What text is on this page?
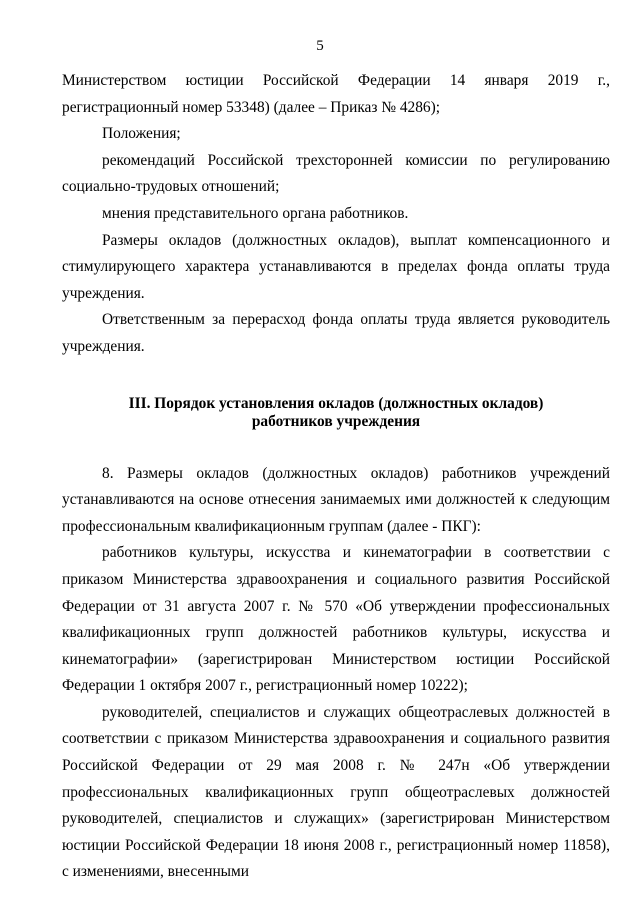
5

Министерством юстиции Российской Федерации 14 января 2019 г., регистрационный номер 53348) (далее – Приказ № 4286);

Положения;

рекомендаций Российской трехсторонней комиссии по регулированию социально-трудовых отношений;

мнения представительного органа работников.

Размеры окладов (должностных окладов), выплат компенсационного и стимулирующего характера устанавливаются в пределах фонда оплаты труда учреждения.

Ответственным за перерасход фонда оплаты труда является руководитель учреждения.

III. Порядок установления окладов (должностных окладов)
работников учреждения

8. Размеры окладов (должностных окладов) работников учреждений устанавливаются на основе отнесения занимаемых ими должностей к следующим профессиональным квалификационным группам (далее - ПКГ):

работников культуры, искусства и кинематографии в соответствии с приказом Министерства здравоохранения и социального развития Российской Федерации от 31 августа 2007 г. № 570 «Об утверждении профессиональных квалификационных групп должностей работников культуры, искусства и кинематографии» (зарегистрирован Министерством юстиции Российской Федерации 1 октября 2007 г., регистрационный номер 10222);

руководителей, специалистов и служащих общеотраслевых должностей в соответствии с приказом Министерства здравоохранения и социального развития Российской Федерации от 29 мая 2008 г. № 247н «Об утверждении профессиональных квалификационных групп общеотраслевых должностей руководителей, специалистов и служащих» (зарегистрирован Министерством юстиции Российской Федерации 18 июня 2008 г., регистрационный номер 11858), с изменениями, внесенными
